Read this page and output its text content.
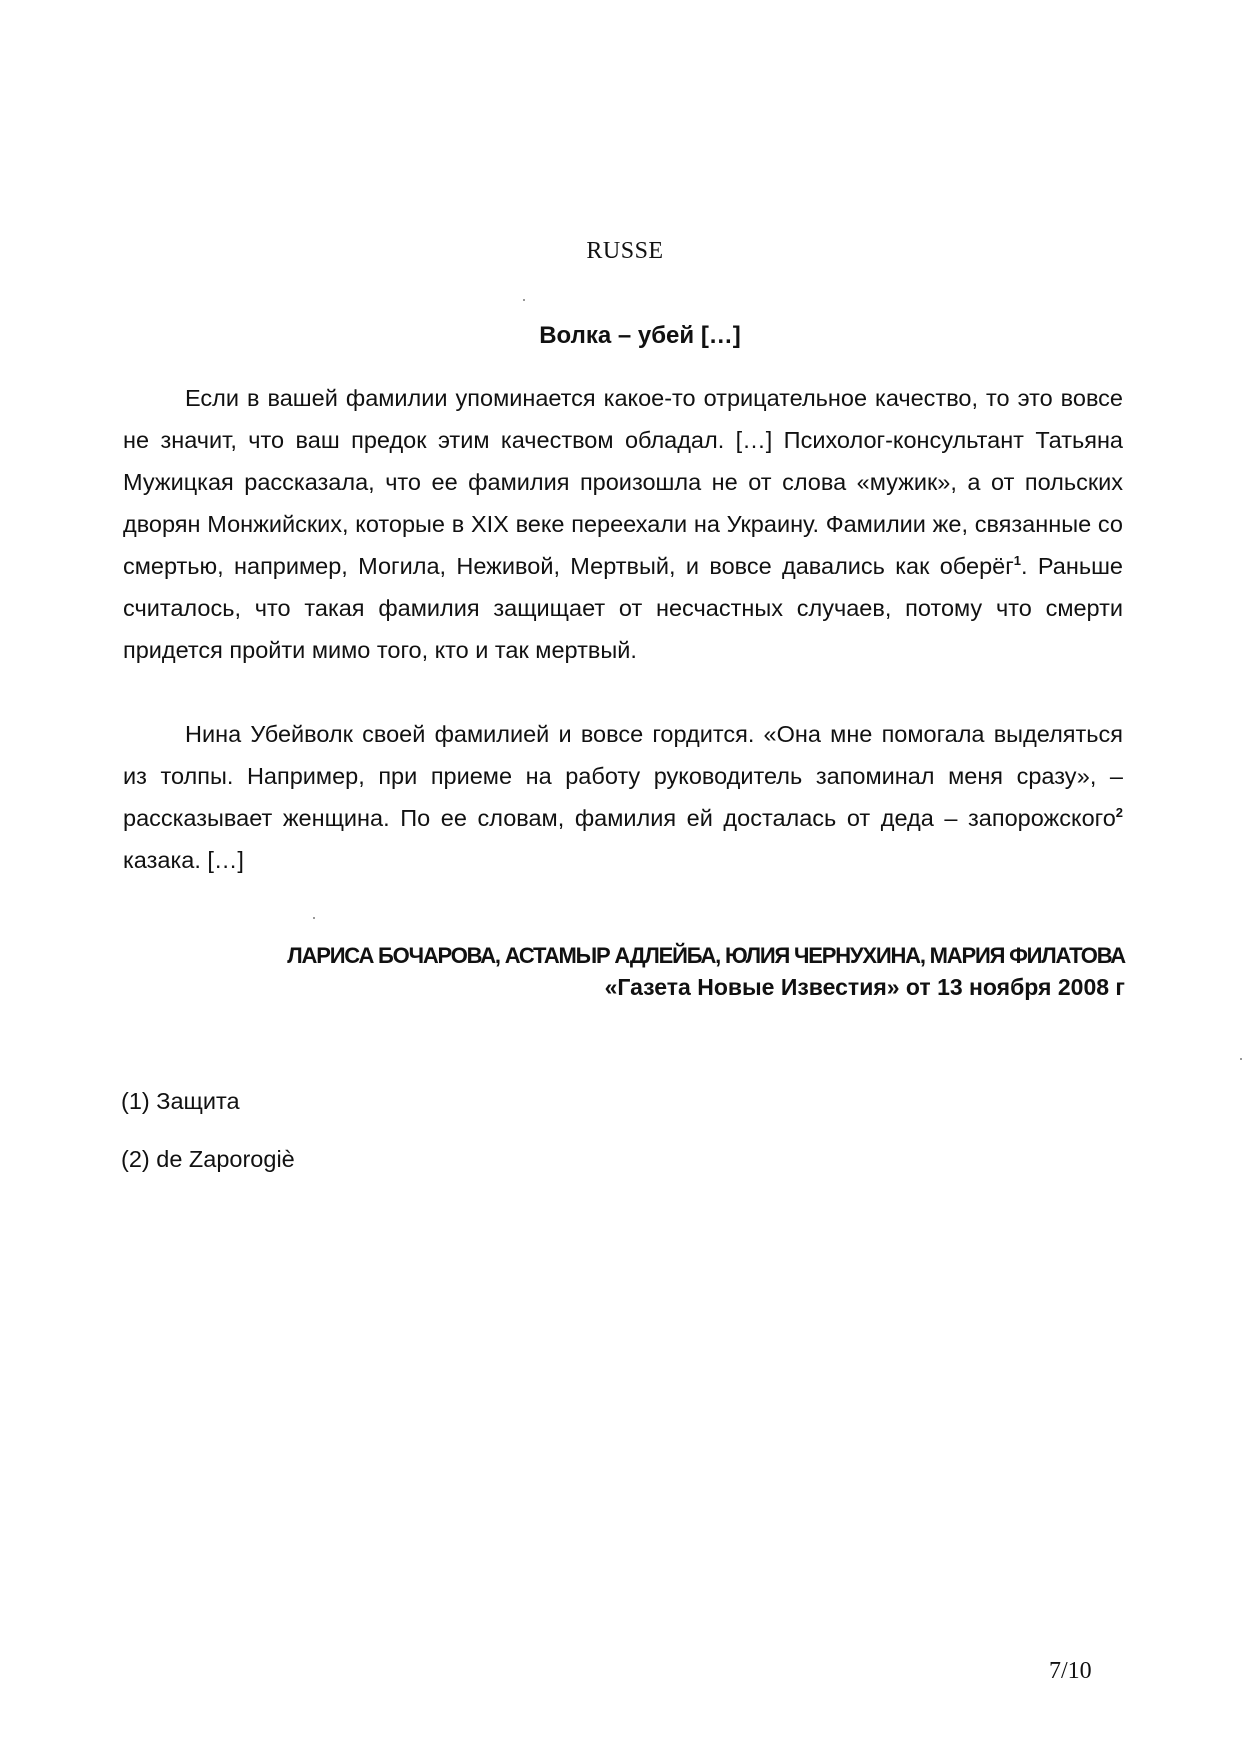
RUSSE
Волка – убей […]

Если в вашей фамилии упоминается какое-то отрицательное качество, то это вовсе не значит, что ваш предок этим качеством обладал. […] Психолог-консультант Татьяна Мужицкая рассказала, что ее фамилия произошла не от слова «мужик», а от польских дворян Монжийских, которые в XIX веке переехали на Украину. Фамилии же, связанные со смертью, например, Могила, Неживой, Мертвый, и вовсе давались как оберёг$^1$. Раньше считалось, что такая фамилия защищает от несчастных случаев, потому что смерти придется пройти мимо того, кто и так мертвый.

Нина Убейволк своей фамилией и вовсе гордится. «Она мне помогала выделяться из толпы. Например, при приеме на работу руководитель запоминал меня сразу», – рассказывает женщина. По ее словам, фамилия ей досталась от деда – запорожского$^2$ казака. […]

ЛАРИСА БОЧАРОВА, АСТАМЫР АДЛЕЙБА, ЮЛИЯ ЧЕРНУХИНА, МАРИЯ ФИЛАТОВА
«Газета Новые Известия» от 13 ноября 2008 г
(1) Защита
(2) de Zaporogiè
7/10
